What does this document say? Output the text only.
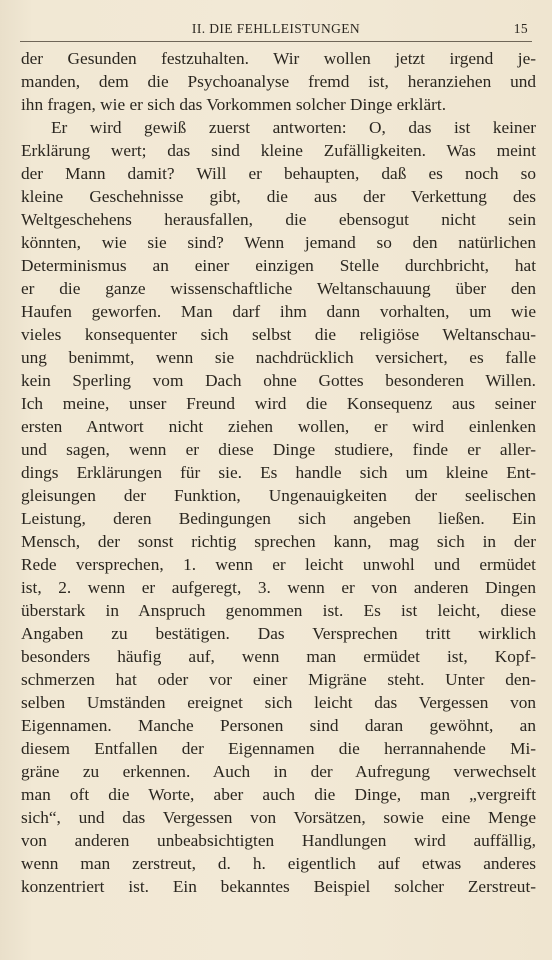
II. DIE FEHLLEISTUNGEN	15
der Gesunden festzuhalten. Wir wollen jetzt irgend je-
manden, dem die Psychoanalyse fremd ist, heranziehen und
ihn fragen, wie er sich das Vorkommen solcher Dinge erklärt.
Er wird gewiß zuerst antworten: O, das ist keiner
Erklärung wert; das sind kleine Zufälligkeiten. Was meint
der Mann damit? Will er behaupten, daß es noch so
kleine Geschehnisse gibt, die aus der Verkettung des
Weltgeschehens herausfallen, die ebensogut nicht sein
könnten, wie sie sind? Wenn jemand so den natürlichen
Determinismus an einer einzigen Stelle durchbricht, hat
er die ganze wissenschaftliche Weltanschauung über den
Haufen geworfen. Man darf ihm dann vorhalten, um wie
vieles konsequenter sich selbst die religiöse Weltanschau-
ung benimmt, wenn sie nachdrücklich versichert, es falle
kein Sperling vom Dach ohne Gottes besonderen Willen.
Ich meine, unser Freund wird die Konsequenz aus seiner
ersten Antwort nicht ziehen wollen, er wird einlenken
und sagen, wenn er diese Dinge studiere, finde er aller-
dings Erklärungen für sie. Es handle sich um kleine Ent-
gleisungen der Funktion, Ungenauigkeiten der seelischen
Leistung, deren Bedingungen sich angeben ließen. Ein
Mensch, der sonst richtig sprechen kann, mag sich in der
Rede versprechen, 1. wenn er leicht unwohl und ermüdet
ist, 2. wenn er aufgeregt, 3. wenn er von anderen Dingen
überstark in Anspruch genommen ist. Es ist leicht, diese
Angaben zu bestätigen. Das Versprechen tritt wirklich
besonders häufig auf, wenn man ermüdet ist, Kopf-
schmerzen hat oder vor einer Migräne steht. Unter den-
selben Umständen ereignet sich leicht das Vergessen von
Eigennamen. Manche Personen sind daran gewöhnt, an
diesem Entfallen der Eigennamen die herrannahende Mi-
gräne zu erkennen. Auch in der Aufregung verwechselt
man oft die Worte, aber auch die Dinge, man „vergreift
sich“, und das Vergessen von Vorsätzen, sowie eine Menge
von anderen unbeabsichtigten Handlungen wird auffällig,
wenn man zerstreut, d. h. eigentlich auf etwas anderes
konzentriert ist. Ein bekanntes Beispiel solcher Zerstreut-
